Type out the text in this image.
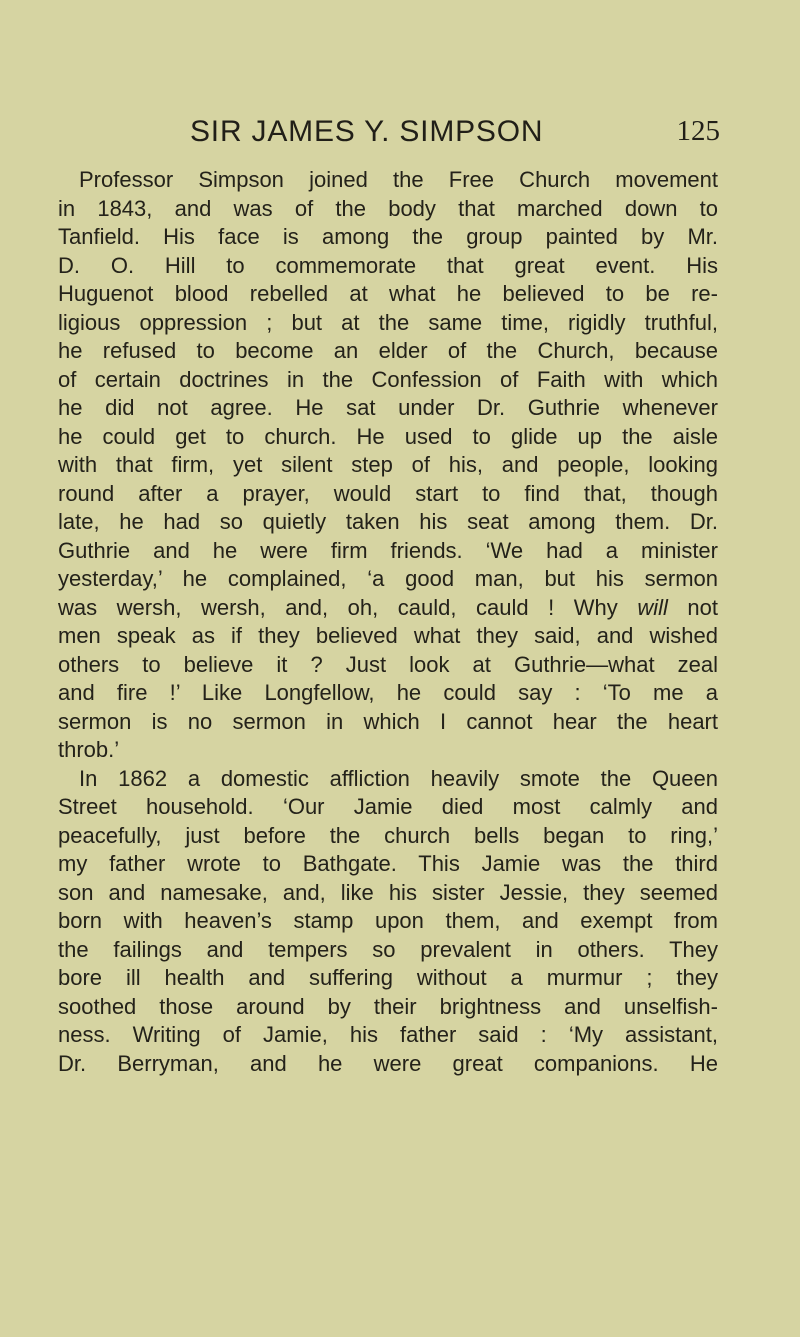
SIR JAMES Y. SIMPSON	125
Professor Simpson joined the Free Church movement
in 1843, and was of the body that marched down to
Tanfield. His face is among the group painted by Mr.
D. O. Hill to commemorate that great event. His
Huguenot blood rebelled at what he believed to be re-
ligious oppression ; but at the same time, rigidly truthful,
he refused to become an elder of the Church, because
of certain doctrines in the Confession of Faith with which
he did not agree. He sat under Dr. Guthrie whenever
he could get to church. He used to glide up the aisle
with that firm, yet silent step of his, and people, looking
round after a prayer, would start to find that, though
late, he had so quietly taken his seat among them. Dr.
Guthrie and he were firm friends. ‘We had a minister
yesterday,’ he complained, ‘a good man, but his sermon
was wersh, wersh, and, oh, cauld, cauld ! Why will not
men speak as if they believed what they said, and wished
others to believe it ? Just look at Guthrie—what zeal
and fire !’ Like Longfellow, he could say : ‘To me a
sermon is no sermon in which I cannot hear the heart
throb.’
In 1862 a domestic affliction heavily smote the Queen
Street household. ‘Our Jamie died most calmly and
peacefully, just before the church bells began to ring,’
my father wrote to Bathgate. This Jamie was the third
son and namesake, and, like his sister Jessie, they seemed
born with heaven’s stamp upon them, and exempt from
the failings and tempers so prevalent in others. They
bore ill health and suffering without a murmur ; they
soothed those around by their brightness and unselfish-
ness. Writing of Jamie, his father said : ‘My assistant,
Dr. Berryman, and he were great companions. He
